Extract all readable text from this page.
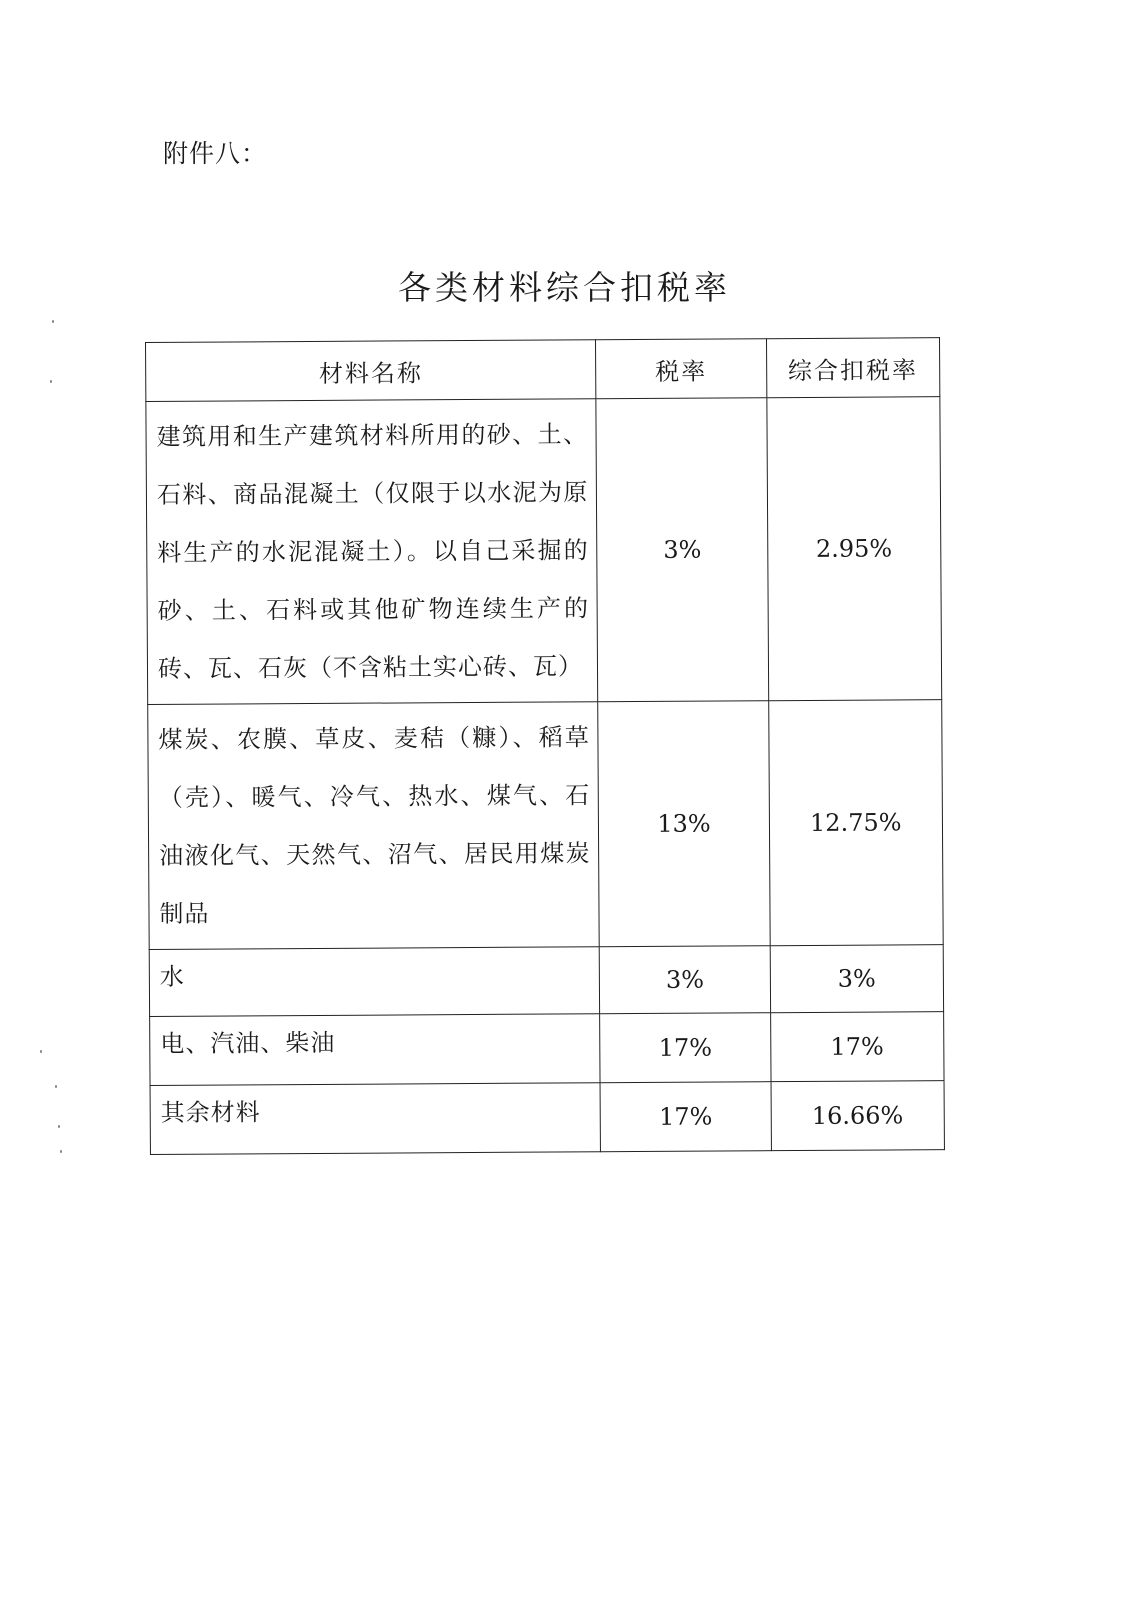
附件八：
各类材料综合扣税率
材料名称	税率	综合扣税率
建筑用和生产建筑材料所用的砂、土、石料、商品混凝土（仅限于以水泥为原料生产的水泥混凝土）。以自己采掘的砂、土、石料或其他矿物连续生产的砖、瓦、石灰（不含粘土实心砖、瓦）	3%	2.95%
煤炭、农膜、草皮、麦秸（糠）、稻草（壳）、暖气、冷气、热水、煤气、石油液化气、天然气、沼气、居民用煤炭制品	13%	12.75%
水	3%	3%
电、汽油、柴油	17%	17%
其余材料	17%	16.66%
